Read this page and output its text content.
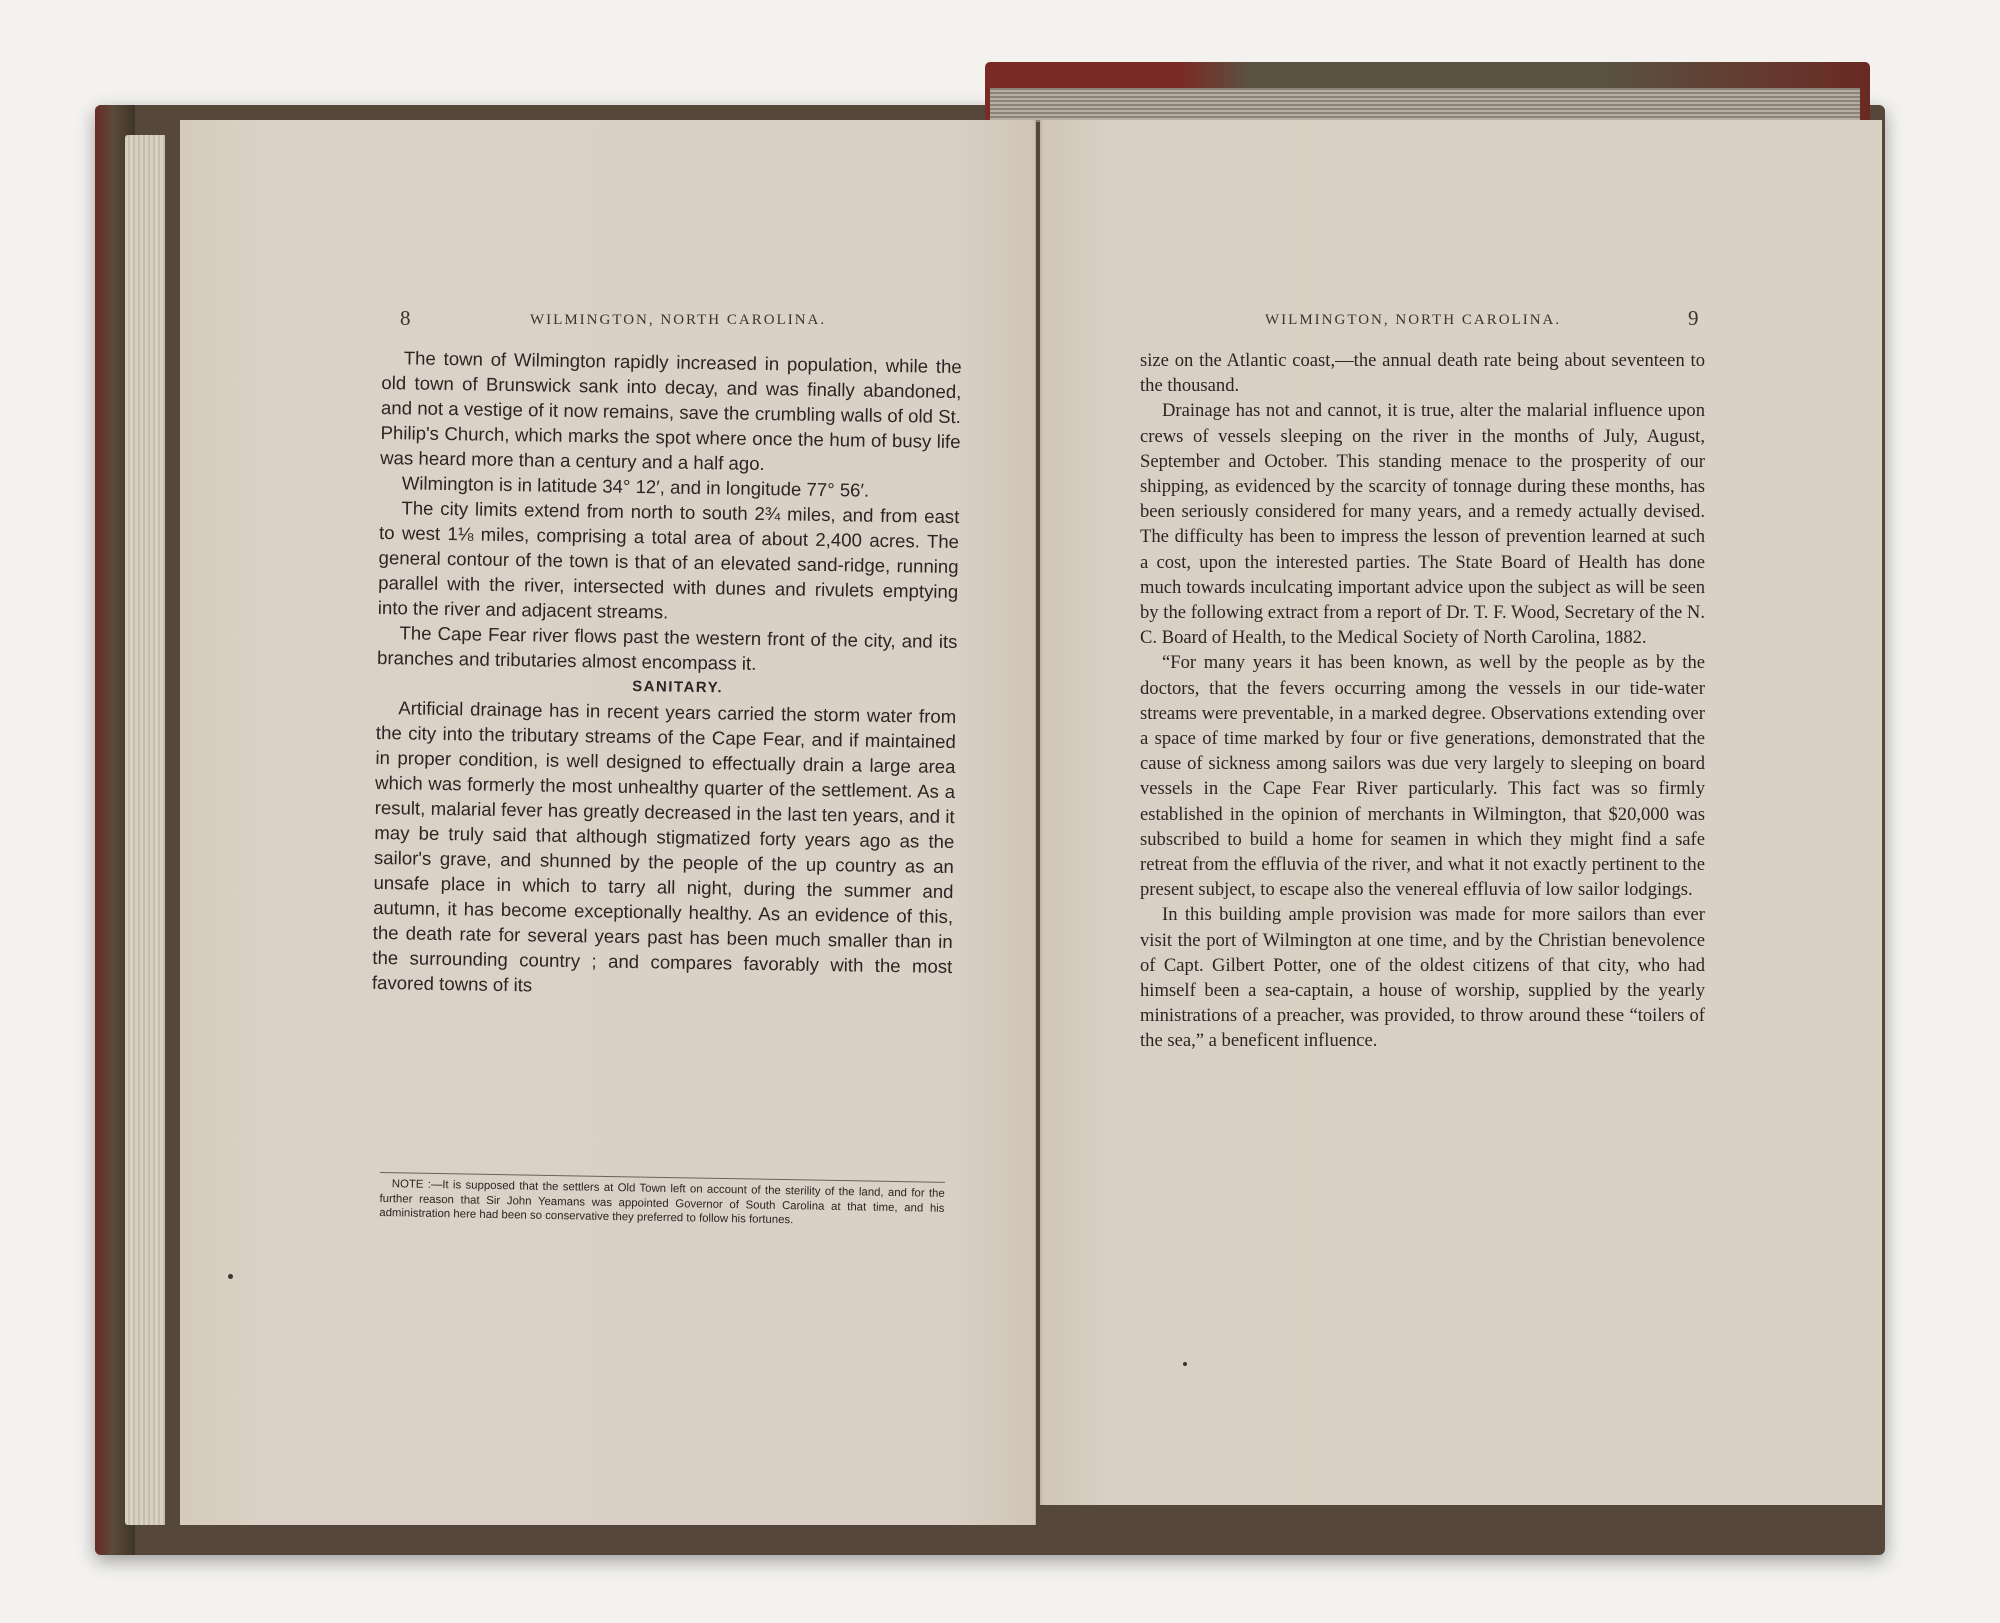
8	WILMINGTON, NORTH CAROLINA.

The town of Wilmington rapidly increased in population, while the old town of Brunswick sank into decay, and was finally abandoned, and not a vestige of it now remains, save the crumbling walls of old St. Philip's Church, which marks the spot where once the hum of busy life was heard more than a century and a half ago.

Wilmington is in latitude 34° 12′, and in longitude 77° 56′.

The city limits extend from north to south 2¾ miles, and from east to west 1⅛ miles, comprising a total area of about 2,400 acres. The general contour of the town is that of an elevated sand-ridge, running parallel with the river, intersected with dunes and rivulets emptying into the river and adjacent streams.

The Cape Fear river flows past the western front of the city, and its branches and tributaries almost encompass it.

SANITARY.

Artificial drainage has in recent years carried the storm water from the city into the tributary streams of the Cape Fear, and if maintained in proper condition, is well designed to effectually drain a large area which was formerly the most unhealthy quarter of the settlement. As a result, malarial fever has greatly decreased in the last ten years, and it may be truly said that although stigmatized forty years ago as the sailor's grave, and shunned by the people of the up country as an unsafe place in which to tarry all night, during the summer and autumn, it has become exceptionally healthy. As an evidence of this, the death rate for several years past has been much smaller than in the surrounding country ; and compares favorably with the most favored towns of its

NOTE :—It is supposed that the settlers at Old Town left on account of the sterility of the land, and for the further reason that Sir John Yeamans was appointed Governor of South Carolina at that time, and his administration here had been so conservative they preferred to follow his fortunes.

WILMINGTON, NORTH CAROLINA.	9

size on the Atlantic coast,—the annual death rate being about seventeen to the thousand.

Drainage has not and cannot, it is true, alter the malarial influence upon crews of vessels sleeping on the river in the months of July, August, September and October. This standing menace to the prosperity of our shipping, as evidenced by the scarcity of tonnage during these months, has been seriously considered for many years, and a remedy actually devised. The difficulty has been to impress the lesson of prevention learned at such a cost, upon the interested parties. The State Board of Health has done much towards inculcating important advice upon the subject as will be seen by the following extract from a report of Dr. T. F. Wood, Secretary of the N. C. Board of Health, to the Medical Society of North Carolina, 1882.

“For many years it has been known, as well by the people as by the doctors, that the fevers occurring among the vessels in our tide-water streams were preventable, in a marked degree. Observations extending over a space of time marked by four or five generations, demonstrated that the cause of sickness among sailors was due very largely to sleeping on board vessels in the Cape Fear River particularly. This fact was so firmly established in the opinion of merchants in Wilmington, that $20,000 was subscribed to build a home for seamen in which they might find a safe retreat from the effluvia of the river, and what it not exactly pertinent to the present subject, to escape also the venereal effluvia of low sailor lodgings.

In this building ample provision was made for more sailors than ever visit the port of Wilmington at one time, and by the Christian benevolence of Capt. Gilbert Potter, one of the oldest citizens of that city, who had himself been a sea-captain, a house of worship, supplied by the yearly ministrations of a preacher, was provided, to throw around these “toilers of the sea,” a beneficent influence.
